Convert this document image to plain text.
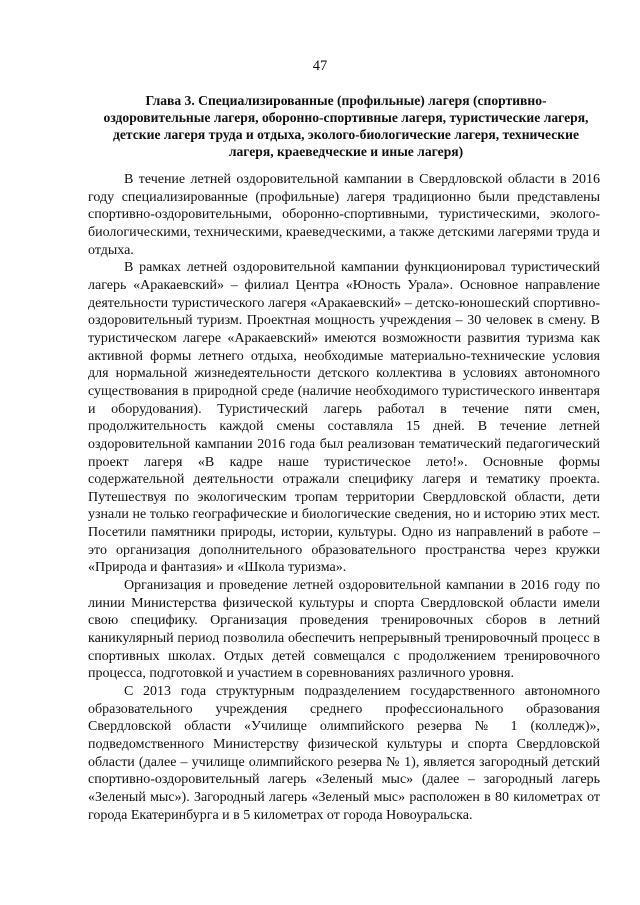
47
Глава 3. Специализированные (профильные) лагеря (спортивно-оздоровительные лагеря, оборонно-спортивные лагеря, туристические лагеря, детские лагеря труда и отдыха, эколого-биологические лагеря, технические лагеря, краеведческие и иные лагеря)

В течение летней оздоровительной кампании в Свердловской области в 2016 году специализированные (профильные) лагеря традиционно были представлены спортивно-оздоровительными, оборонно-спортивными, туристическими, эколого-биологическими, техническими, краеведческими, а также детскими лагерями труда и отдыха.

В рамках летней оздоровительной кампании функционировал туристический лагерь «Аракаевский» – филиал Центра «Юность Урала». Основное направление деятельности туристического лагеря «Аракаевский» – детско-юношеский спортивно-оздоровительный туризм. Проектная мощность учреждения – 30 человек в смену. В туристическом лагере «Аракаевский» имеются возможности развития туризма как активной формы летнего отдыха, необходимые материально-технические условия для нормальной жизнедеятельности детского коллектива в условиях автономного существования в природной среде (наличие необходимого туристического инвентаря и оборудования). Туристический лагерь работал в течение пяти смен, продолжительность каждой смены составляла 15 дней. В течение летней оздоровительной кампании 2016 года был реализован тематический педагогический проект лагеря «В кадре наше туристическое лето!». Основные формы содержательной деятельности отражали специфику лагеря и тематику проекта. Путешествуя по экологическим тропам территории Свердловской области, дети узнали не только географические и биологические сведения, но и историю этих мест. Посетили памятники природы, истории, культуры. Одно из направлений в работе – это организация дополнительного образовательного пространства через кружки «Природа и фантазия» и «Школа туризма».

Организация и проведение летней оздоровительной кампании в 2016 году по линии Министерства физической культуры и спорта Свердловской области имели свою специфику. Организация проведения тренировочных сборов в летний каникулярный период позволила обеспечить непрерывный тренировочный процесс в спортивных школах. Отдых детей совмещался с продолжением тренировочного процесса, подготовкой и участием в соревнованиях различного уровня.

С 2013 года структурным подразделением государственного автономного образовательного учреждения среднего профессионального образования Свердловской области «Училище олимпийского резерва № 1 (колледж)», подведомственного Министерству физической культуры и спорта Свердловской области (далее – училище олимпийского резерва № 1), является загородный детский спортивно-оздоровительный лагерь «Зеленый мыс» (далее – загородный лагерь «Зеленый мыс»). Загородный лагерь «Зеленый мыс» расположен в 80 километрах от города Екатеринбурга и в 5 километрах от города Новоуральска.
